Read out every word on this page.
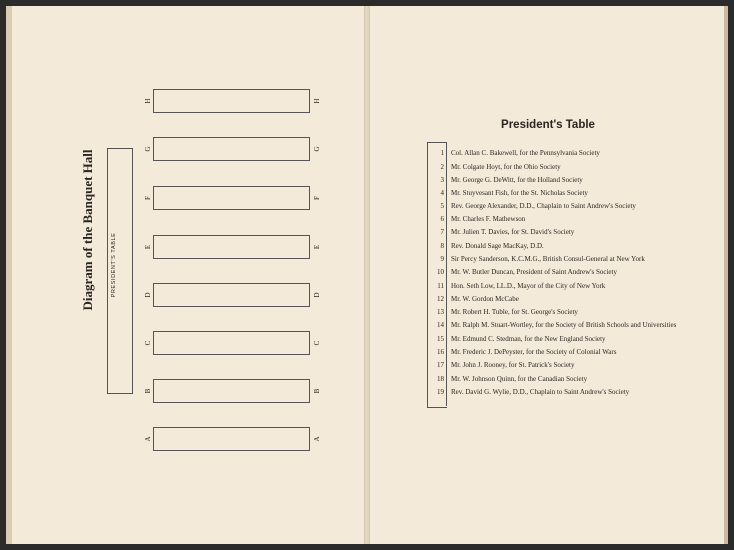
Diagram of the Banquet Hall	PRESIDENT'S TABLE
H	H
G	G
F	F
E	E
D	D
C	C
B	B
A	A
President's Table
1 Col. Allan C. Bakewell, for the Pennsylvania Society
2 Mr. Colgate Hoyt, for the Ohio Society
3 Mr. George G. DeWitt, for the Holland Society
4 Mr. Stuyvesant Fish, for the St. Nicholas Society
5 Rev. George Alexander, D.D., Chaplain to Saint Andrew's Society
6 Mr. Charles F. Mathewson
7 Mr. Julien T. Davies, for St. David's Society
8 Rev. Donald Sage MacKay, D.D.
9 Sir Percy Sanderson, K.C.M.G., British Consul-General at New York
10 Mr. W. Butler Duncan, President of Saint Andrew's Society
11 Hon. Seth Low, LL.D., Mayor of the City of New York
12 Mr. W. Gordon McCabe
13 Mr. Robert H. Tuble, for St. George's Society
14 Mr. Ralph M. Stuart-Wortley, for the Society of British Schools and Universities
15 Mr. Edmund C. Stedman, for the New England Society
16 Mr. Frederic J. DePeyster, for the Society of Colonial Wars
17 Mr. John J. Rooney, for St. Patrick's Society
18 Mr. W. Johnson Quinn, for the Canadian Society
19 Rev. David G. Wylie, D.D., Chaplain to Saint Andrew's Society
